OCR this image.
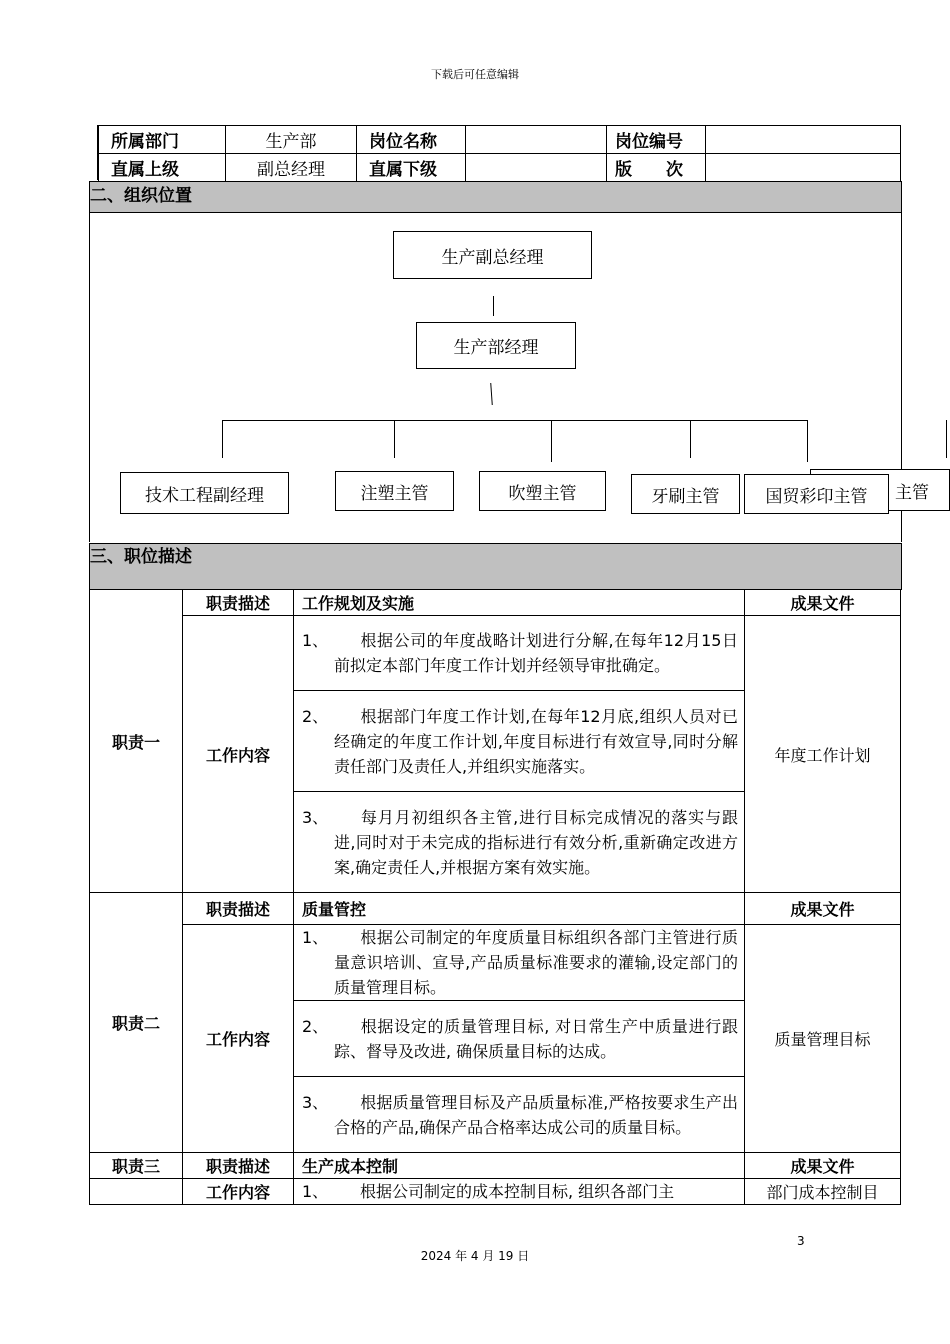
下载后可任意编辑
所属部门	生产部	岗位名称		岗位编号	
直属上级	副总经理	直属下级		版　　次	
二、组织位置
生产副总经理
生产部经理
技术工程副经理	注塑主管	吹塑主管	主管
牙刷主管	国贸彩印主管
三、职位描述
职责一	职责描述	工作规划及实施	成果文件
	工作内容	1、 根据公司的年度战略计划进行分解,在每年12月15日前拟定本部门年度工作计划并经领导审批确定。	年度工作计划

		2、 根据部门年度工作计划,在每年12月底,组织人员对已经确定的年度工作计划,年度目标进行有效宣导,同时分解责任部门及责任人,并组织实施落实。	

		3、 每月月初组织各主管,进行目标完成情况的落实与跟进,同时对于未完成的指标进行有效分析,重新确定改进方案,确定责任人,并根据方案有效实施。	

职责二	职责描述	质量管控	成果文件
	工作内容	1、 根据公司制定的年度质量目标组织各部门主管进行质量意识培训、宣导,产品质量标准要求的灌输,设定部门的质量管理目标。	质量管理目标

		2、 根据设定的质量管理目标, 对日常生产中质量进行跟踪、督导及改进, 确保质量目标的达成。	

		3、 根据质量管理目标及产品质量标准,严格按要求生产出合格的产品,确保产品合格率达成公司的质量目标。	

职责三	职责描述	生产成本控制	成果文件
	工作内容	1、 根据公司制定的成本控制目标, 组织各部门主	部门成本控制目
3
2024 年 4 月 19 日
